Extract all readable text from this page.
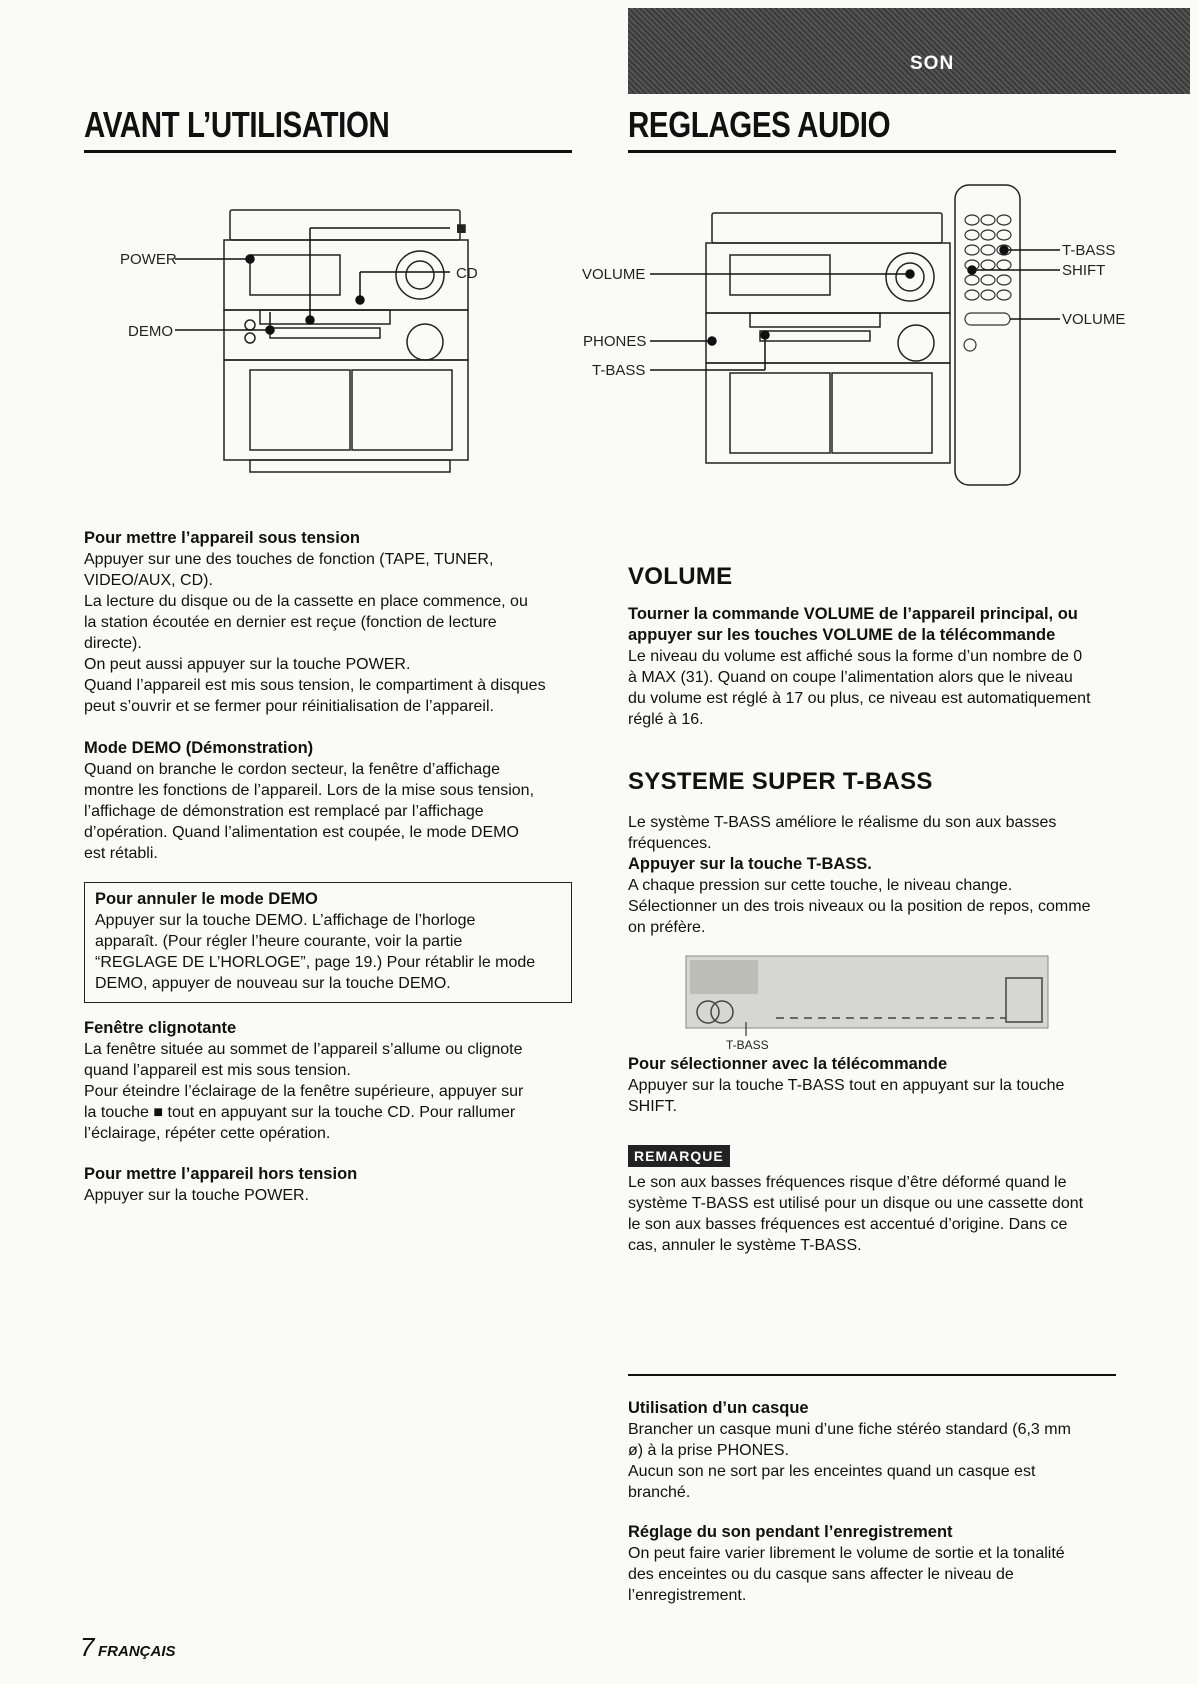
SON
AVANT L’UTILISATION	REGLAGES AUDIO
POWER
DEMO
■
CD	VOLUME
PHONES
T-BASS
T-BASS
SHIFT
VOLUME
Pour mettre l’appareil sous tension
Appuyer sur une des touches de fonction (TAPE, TUNER,
VIDEO/AUX, CD).
La lecture du disque ou de la cassette en place commence, ou
la station écoutée en dernier est reçue (fonction de lecture
directe).
On peut aussi appuyer sur la touche POWER.
Quand l’appareil est mis sous tension, le compartiment à disques
peut s’ouvrir et se fermer pour réinitialisation de l’appareil.
Mode DEMO (Démonstration)
Quand on branche le cordon secteur, la fenêtre d’affichage
montre les fonctions de l’appareil. Lors de la mise sous tension,
l’affichage de démonstration est remplacé par l’affichage
d’opération. Quand l’alimentation est coupée, le mode DEMO
est rétabli.
Pour annuler le mode DEMO
Appuyer sur la touche DEMO. L’affichage de l’horloge
apparaît. (Pour régler l’heure courante, voir la partie
“REGLAGE DE L’HORLOGE”, page 19.) Pour rétablir le mode
DEMO, appuyer de nouveau sur la touche DEMO.
Fenêtre clignotante
La fenêtre située au sommet de l’appareil s’allume ou clignote
quand l’appareil est mis sous tension.
Pour éteindre l’éclairage de la fenêtre supérieure, appuyer sur
la touche ■ tout en appuyant sur la touche CD. Pour rallumer
l’éclairage, répéter cette opération.
Pour mettre l’appareil hors tension
Appuyer sur la touche POWER.
VOLUME
Tourner la commande VOLUME de l’appareil principal, ou
appuyer sur les touches VOLUME de la télécommande
Le niveau du volume est affiché sous la forme d’un nombre de 0
à MAX (31). Quand on coupe l’alimentation alors que le niveau
du volume est réglé à 17 ou plus, ce niveau est automatiquement
réglé à 16.
SYSTEME SUPER T-BASS
Le système T-BASS améliore le réalisme du son aux basses
fréquences.
Appuyer sur la touche T-BASS.
A chaque pression sur cette touche, le niveau change.
Sélectionner un des trois niveaux ou la position de repos, comme
on préfère.
T-BASS
Pour sélectionner avec la télécommande
Appuyer sur la touche T-BASS tout en appuyant sur la touche
SHIFT.
REMARQUE
Le son aux basses fréquences risque d’être déformé quand le
système T-BASS est utilisé pour un disque ou une cassette dont
le son aux basses fréquences est accentué d’origine. Dans ce
cas, annuler le système T-BASS.
Utilisation d’un casque
Brancher un casque muni d’une fiche stéréo standard (6,3 mm
ø) à la prise PHONES.
Aucun son ne sort par les enceintes quand un casque est
branché.
Réglage du son pendant l’enregistrement
On peut faire varier librement le volume de sortie et la tonalité
des enceintes ou du casque sans affecter le niveau de
l’enregistrement.
7 FRANÇAIS
